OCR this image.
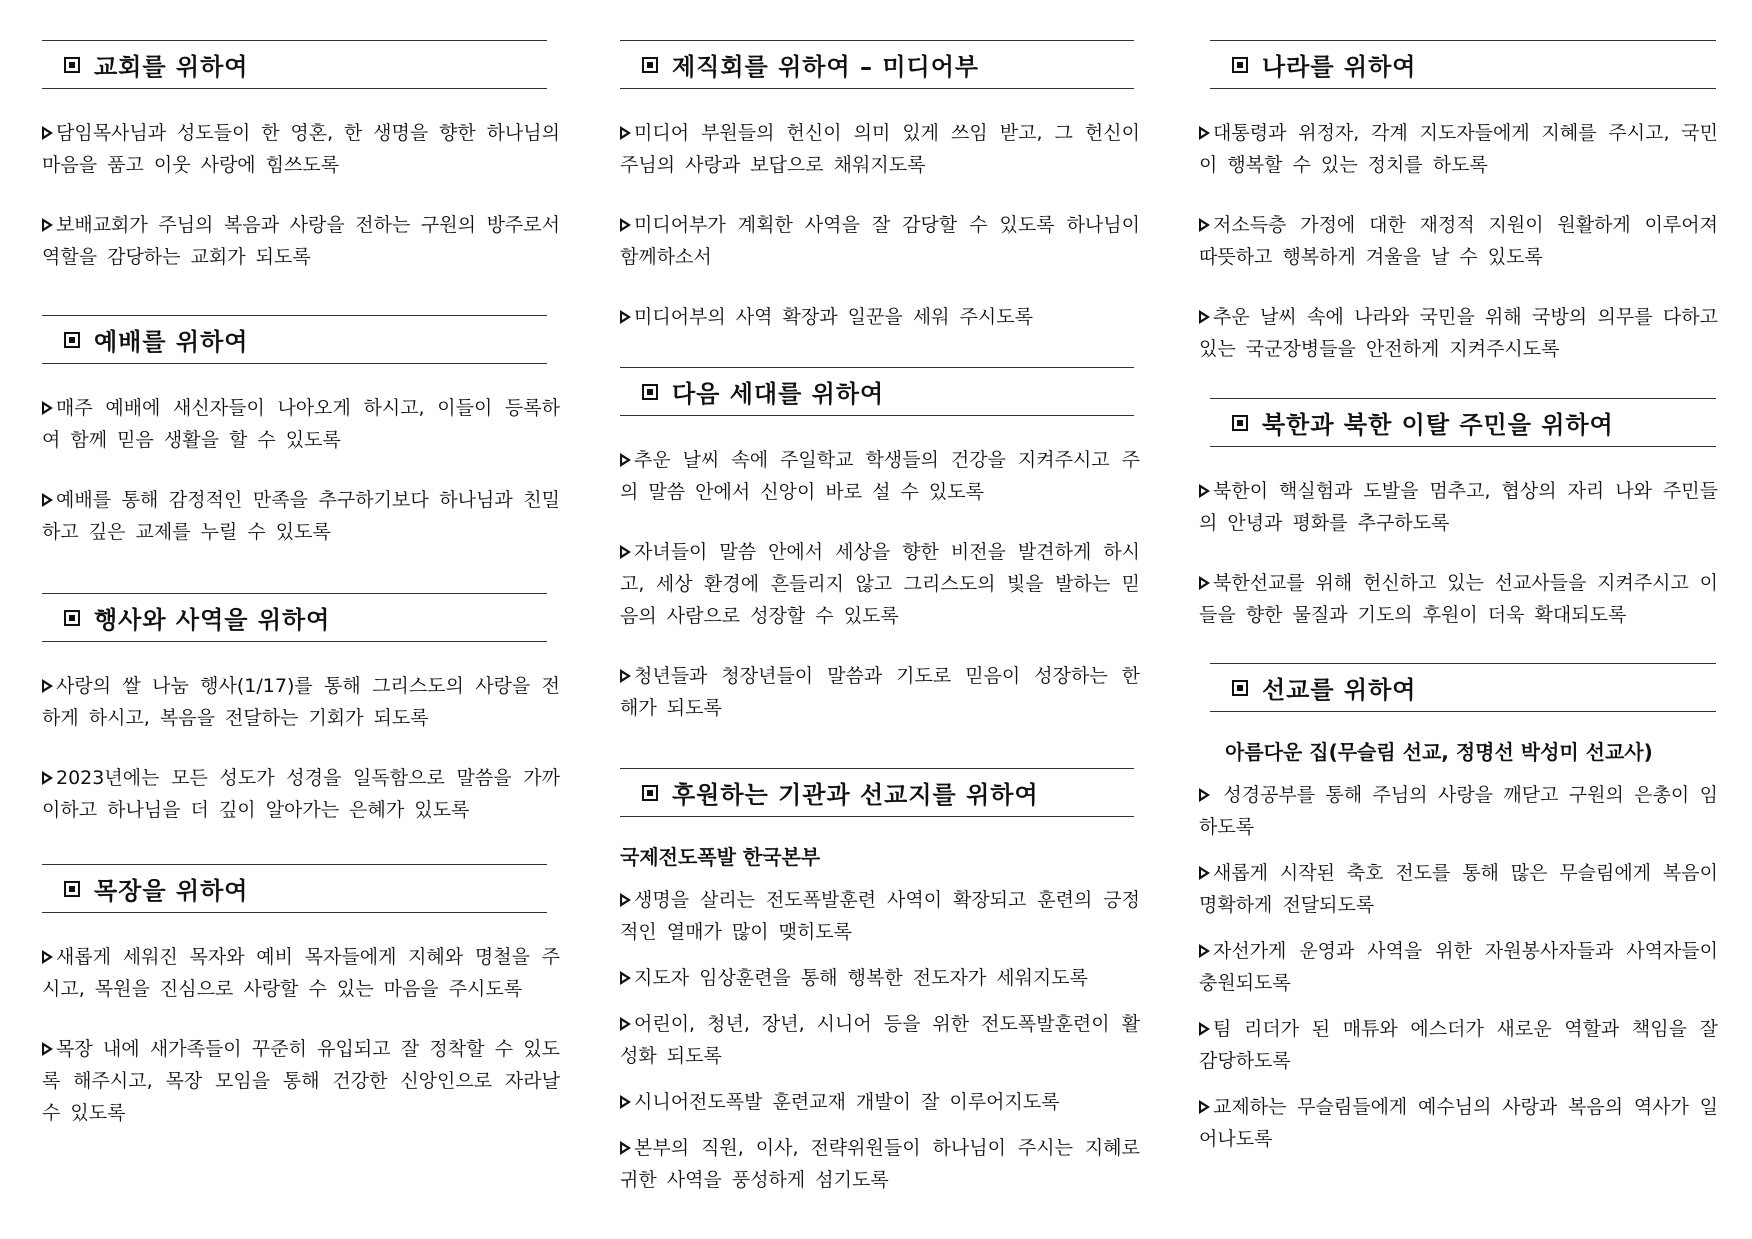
교회를 위하여
담임목사님과 성도들이 한 영혼, 한 생명을 향한 하나님의 마음을 품고 이웃 사랑에 힘쓰도록
보배교회가 주님의 복음과 사랑을 전하는 구원의 방주로서 역할을 감당하는 교회가 되도록
예배를 위하여
매주 예배에 새신자들이 나아오게 하시고, 이들이 등록하여 함께 믿음 생활을 할 수 있도록
예배를 통해 감정적인 만족을 추구하기보다 하나님과 친밀하고 깊은 교제를 누릴 수 있도록
행사와 사역을 위하여
사랑의 쌀 나눔 행사(1/17)를 통해 그리스도의 사랑을 전하게 하시고, 복음을 전달하는 기회가 되도록
2023년에는 모든 성도가 성경을 일독함으로 말씀을 가까이하고 하나님을 더 깊이 알아가는 은혜가 있도록
목장을 위하여
새롭게 세워진 목자와 예비 목자들에게 지혜와 명철을 주시고, 목원을 진심으로 사랑할 수 있는 마음을 주시도록
목장 내에 새가족들이 꾸준히 유입되고 잘 정착할 수 있도록 해주시고, 목장 모임을 통해 건강한 신앙인으로 자라날 수 있도록
제직회를 위하여 – 미디어부
미디어 부원들의 헌신이 의미 있게 쓰임 받고, 그 헌신이 주님의 사랑과 보답으로 채워지도록
미디어부가 계획한 사역을 잘 감당할 수 있도록 하나님이 함께하소서
미디어부의 사역 확장과 일꾼을 세워 주시도록
다음 세대를 위하여
추운 날씨 속에 주일학교 학생들의 건강을 지켜주시고 주의 말씀 안에서 신앙이 바로 설 수 있도록
자녀들이 말씀 안에서 세상을 향한 비전을 발견하게 하시고, 세상 환경에 흔들리지 않고 그리스도의 빛을 발하는 믿음의 사람으로 성장할 수 있도록
청년들과 청장년들이 말씀과 기도로 믿음이 성장하는 한 해가 되도록
후원하는 기관과 선교지를 위하여
국제전도폭발 한국본부
생명을 살리는 전도폭발훈련 사역이 확장되고 훈련의 긍정적인 열매가 많이 맺히도록
지도자 임상훈련을 통해 행복한 전도자가 세워지도록
어린이, 청년, 장년, 시니어 등을 위한 전도폭발훈련이 활성화 되도록
시니어전도폭발 훈련교재 개발이 잘 이루어지도록
본부의 직원, 이사, 전략위원들이 하나님이 주시는 지혜로 귀한 사역을 풍성하게 섬기도록
나라를 위하여
대통령과 위정자, 각계 지도자들에게 지혜를 주시고, 국민이 행복할 수 있는 정치를 하도록
저소득층 가정에 대한 재정적 지원이 원활하게 이루어져 따뜻하고 행복하게 겨울을 날 수 있도록
추운 날씨 속에 나라와 국민을 위해 국방의 의무를 다하고 있는 국군장병들을 안전하게 지켜주시도록
북한과 북한 이탈 주민을 위하여
북한이 핵실험과 도발을 멈추고, 협상의 자리 나와 주민들의 안녕과 평화를 추구하도록
북한선교를 위해 헌신하고 있는 선교사들을 지켜주시고 이들을 향한 물질과 기도의 후원이 더욱 확대되도록
선교를 위하여
아름다운 집(무슬림 선교, 정명선 박성미 선교사)
성경공부를 통해 주님의 사랑을 깨닫고 구원의 은총이 임하도록
새롭게 시작된 축호 전도를 통해 많은 무슬림에게 복음이 명확하게 전달되도록
자선가게 운영과 사역을 위한 자원봉사자들과 사역자들이 충원되도록
팀 리더가 된 매튜와 에스더가 새로운 역할과 책임을 잘 감당하도록
교제하는 무슬림들에게 예수님의 사랑과 복음의 역사가 일어나도록
